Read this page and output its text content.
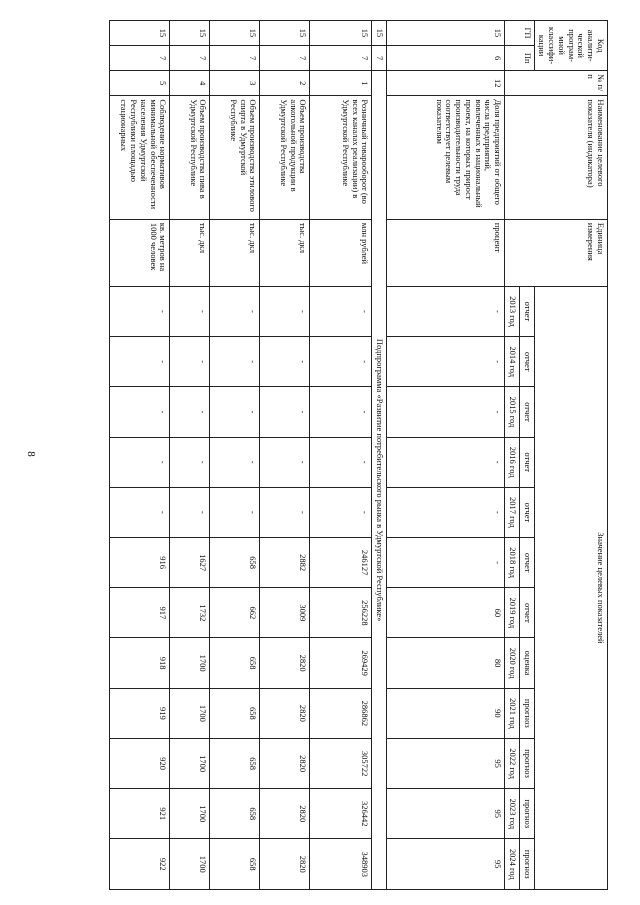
8
Код аналити-ческой програм-мной классифи-кации		№ п/п	Наименование целевого показателя (индикатора)	Единица измерения	Значение целевых показателей											
ГП	Пп				отчет	отчет	отчет	отчет	отчет	отчет	отчет	оценка	прогноз	прогноз	прогноз	прогноз
					2013 год	2014 год	2015 год	2016 год	2017 год	2018 год	2019 год	2020 год	2021 год	2022 год	2023 год	2024 год
15	6	12	Доля предприятий от общего числа предприятий, вовлеченных в национальный проект, на которых прирост производительности труда соответствует целевым показателям	процент	-	-	-	-	-	-	60	80	90	95	95	95
15	7	Подпрограмма «Развитие потребительского рынка в Удмуртской Республике»														
15	7	1	Розничный товарооборот (во всех каналах реализации) в Удмуртской Республике	млн рублей	-	-	-	-	-	246127	256228	269429	286862	305722	326442	348903
15	7	2	Объем производства алкогольной продукции в Удмуртской Республике	тыс. дкл	-	-	-	-	-	2882	3009	2820	2820	2820	2820	2820
15	7	3	Объем производства этилового спирта в Удмуртской Республике	тыс. дкл	-	-	-	-	-	658	662	658	658	658	658	658
15	7	4	Объем производства пива в Удмуртской Республике	тыс. дкл	-	-	-	-	-	1627	1732	1700	1700	1700	1700	1700
15	7	5	Соблюдение нормативов минимальной обеспеченности населения Удмуртской Республики площадью стационарных	кв. метров на 1000 человек	-	-	-	-	-	916	917	918	919	920	921	922
